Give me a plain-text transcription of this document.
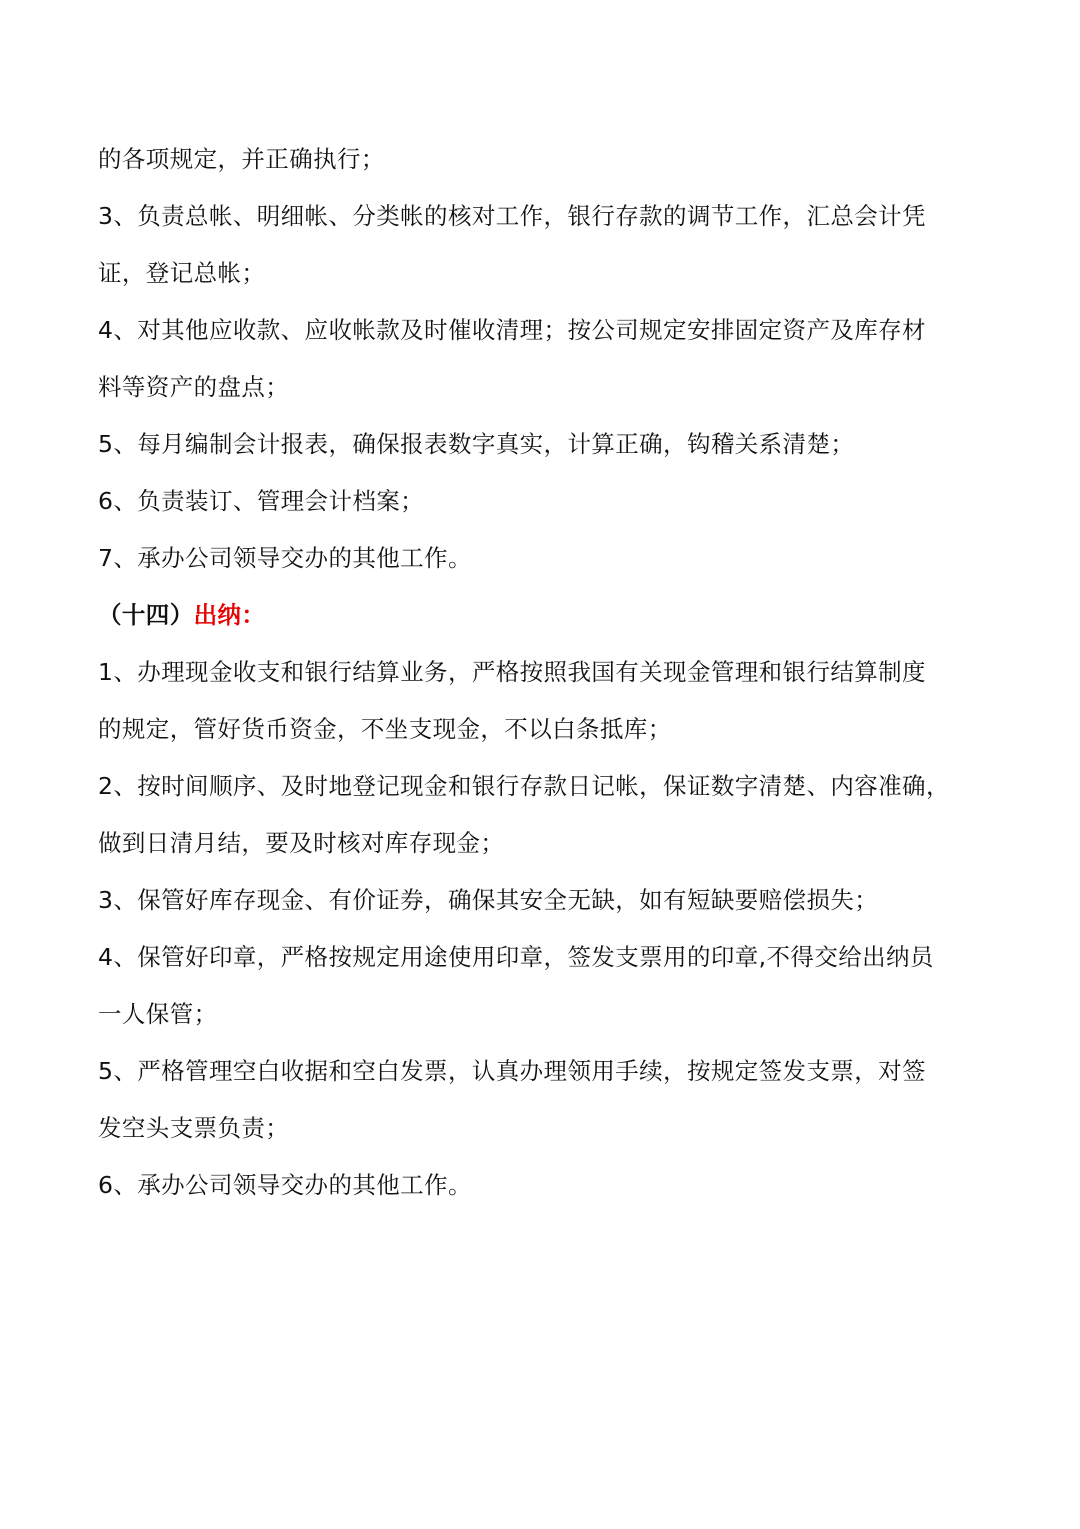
的各项规定，并正确执行；
3、负责总帐、明细帐、分类帐的核对工作，银行存款的调节工作，汇总会计凭
证，登记总帐；
4、对其他应收款、应收帐款及时催收清理；按公司规定安排固定资产及库存材
料等资产的盘点；
5、每月编制会计报表，确保报表数字真实，计算正确，钩稽关系清楚；
6、负责装订、管理会计档案；
7、承办公司领导交办的其他工作。
（十四）出纳：
1、办理现金收支和银行结算业务，严格按照我国有关现金管理和银行结算制度
的规定，管好货币资金，不坐支现金，不以白条抵库；
2、按时间顺序、及时地登记现金和银行存款日记帐，保证数字清楚、内容准确，
做到日清月结，要及时核对库存现金；
3、保管好库存现金、有价证券，确保其安全无缺，如有短缺要赔偿损失；
4、保管好印章，严格按规定用途使用印章，签发支票用的印章,不得交给出纳员
一人保管；
5、严格管理空白收据和空白发票，认真办理领用手续，按规定签发支票，对签
发空头支票负责；
6、承办公司领导交办的其他工作。
